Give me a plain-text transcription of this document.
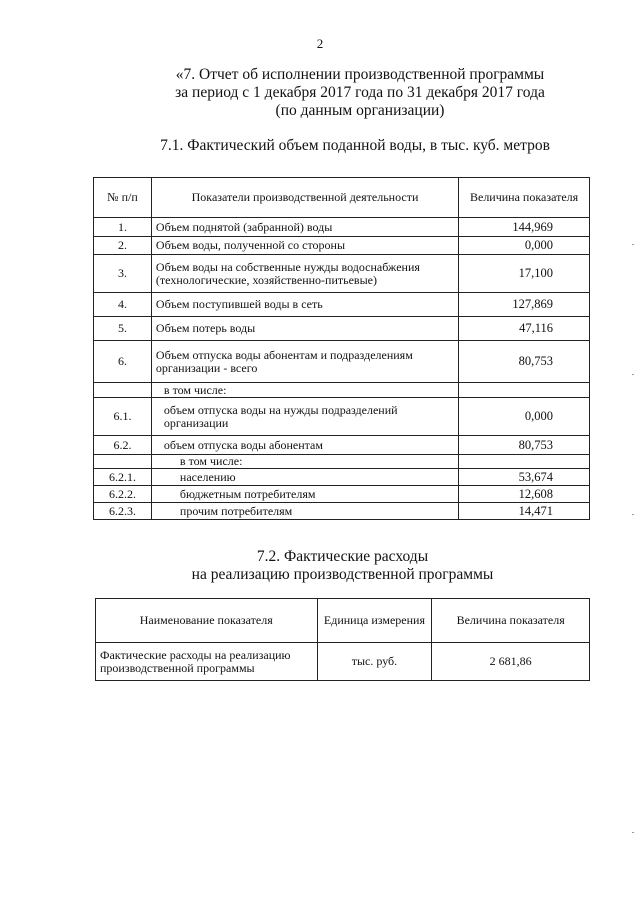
2
«7. Отчет об исполнении производственной программы
за период с 1 декабря 2017 года по 31 декабря 2017 года
(по данным организации)
7.1. Фактический объем поданной воды, в тыс. куб. метров
№ п/п	Показатели производственной деятельности	Величина показателя
1.	Объем поднятой (забранной) воды	144,969
2.	Объем воды, полученной со стороны	0,000
3.	Объем воды на собственные нужды водоснабжения (технологические, хозяйственно-питьевые)	17,100
4.	Объем поступившей воды в сеть	127,869
5.	Объем потерь воды	47,116
6.	Объем отпуска воды абонентам и подразделениям организации - всего	80,753
	в том числе:	
6.1.	объем отпуска воды на нужды подразделений организации	0,000
6.2.	объем отпуска воды абонентам	80,753
	в том числе:	
6.2.1.	населению	53,674
6.2.2.	бюджетным потребителям	12,608
6.2.3.	прочим потребителям	14,471
7.2. Фактические расходы
на реализацию производственной программы
Наименование показателя	Единица измерения	Величина показателя
Фактические расходы на реализацию производственной программы	тыс. руб.	2 681,86
